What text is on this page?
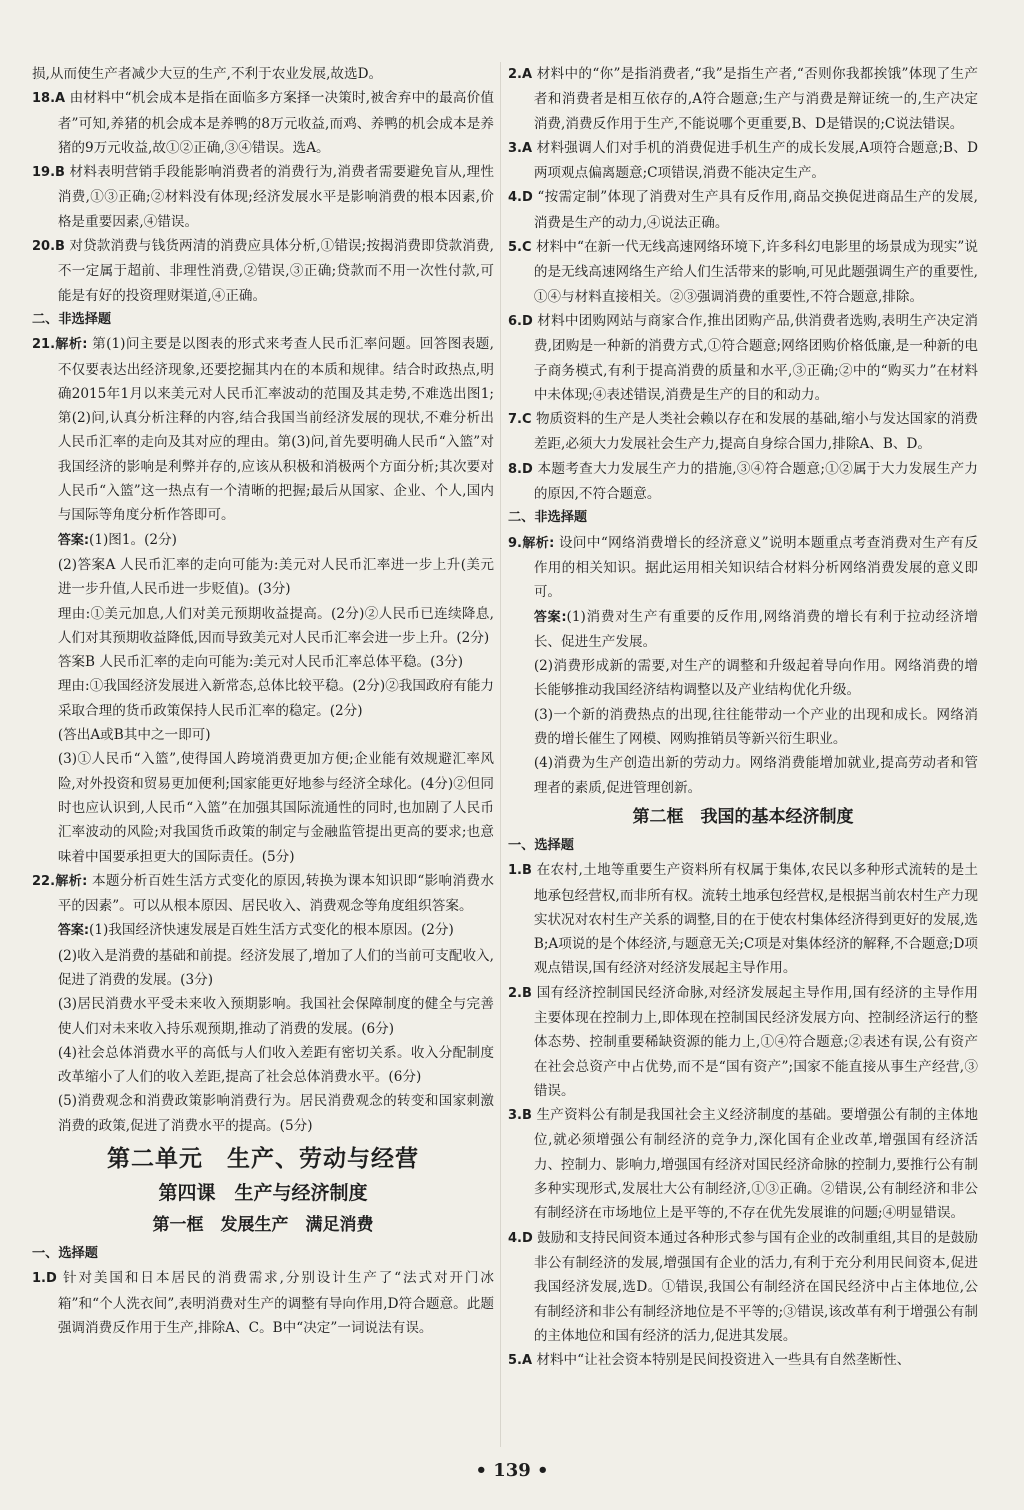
损,从而使生产者减少大豆的生产,不利于农业发展,故选D。

18.A 由材料中“机会成本是指在面临多方案择一决策时,被舍弃中的最高价值者”可知,养猪的机会成本是养鸭的8万元收益,而鸡、养鸭的机会成本是养猪的9万元收益,故①②正确,③④错误。选A。

19.B 材料表明营销手段能影响消费者的消费行为,消费者需要避免盲从,理性消费,①③正确;②材料没有体现;经济发展水平是影响消费的根本因素,价格是重要因素,④错误。

20.B 对贷款消费与钱货两清的消费应具体分析,①错误;按揭消费即贷款消费,不一定属于超前、非理性消费,②错误,③正确;贷款而不用一次性付款,可能是有好的投资理财渠道,④正确。

二、非选择题

21.解析: 第(1)问主要是以图表的形式来考查人民币汇率问题。回答图表题,不仅要表达出经济现象,还要挖掘其内在的本质和规律。结合时政热点,明确2015年1月以来美元对人民币汇率波动的范围及其走势,不难选出图1;第(2)问,认真分析注释的内容,结合我国当前经济发展的现状,不难分析出人民币汇率的走向及其对应的理由。第(3)问,首先要明确人民币“入篮”对我国经济的影响是利弊并存的,应该从积极和消极两个方面分析;其次要对人民币“入篮”这一热点有一个清晰的把握;最后从国家、企业、个人,国内与国际等角度分析作答即可。

答案:(1)图1。(2分)

(2)答案A 人民币汇率的走向可能为:美元对人民币汇率进一步上升(美元进一步升值,人民币进一步贬值)。(3分)

理由:①美元加息,人们对美元预期收益提高。(2分)②人民币已连续降息,人们对其预期收益降低,因而导致美元对人民币汇率会进一步上升。(2分)

答案B 人民币汇率的走向可能为:美元对人民币汇率总体平稳。(3分)

理由:①我国经济发展进入新常态,总体比较平稳。(2分)②我国政府有能力采取合理的货币政策保持人民币汇率的稳定。(2分)

(答出A或B其中之一即可)

(3)①人民币“入篮”,使得国人跨境消费更加方便;企业能有效规避汇率风险,对外投资和贸易更加便利;国家能更好地参与经济全球化。(4分)②但同时也应认识到,人民币“入篮”在加强其国际流通性的同时,也加剧了人民币汇率波动的风险;对我国货币政策的制定与金融监管提出更高的要求;也意味着中国要承担更大的国际责任。(5分)

22.解析: 本题分析百姓生活方式变化的原因,转换为课本知识即“影响消费水平的因素”。可以从根本原因、居民收入、消费观念等角度组织答案。

答案:(1)我国经济快速发展是百姓生活方式变化的根本原因。(2分)

(2)收入是消费的基础和前提。经济发展了,增加了人们的当前可支配收入,促进了消费的发展。(3分)

(3)居民消费水平受未来收入预期影响。我国社会保障制度的健全与完善使人们对未来收入持乐观预期,推动了消费的发展。(6分)

(4)社会总体消费水平的高低与人们收入差距有密切关系。收入分配制度改革缩小了人们的收入差距,提高了社会总体消费水平。(6分)

(5)消费观念和消费政策影响消费行为。居民消费观念的转变和国家刺激消费的政策,促进了消费水平的提高。(5分)

第二单元　生产、劳动与经营
第四课　生产与经济制度
第一框　发展生产　满足消费
一、选择题

1.D 针对美国和日本居民的消费需求,分别设计生产了“法式对开门冰箱”和“个人洗衣间”,表明消费对生产的调整有导向作用,D符合题意。此题强调消费反作用于生产,排除A、C。B中“决定”一词说法有误。

2.A 材料中的“你”是指消费者,“我”是指生产者,“否则你我都挨饿”体现了生产者和消费者是相互依存的,A符合题意;生产与消费是辩证统一的,生产决定消费,消费反作用于生产,不能说哪个更重要,B、D是错误的;C说法错误。

3.A 材料强调人们对手机的消费促进手机生产的成长发展,A项符合题意;B、D两项观点偏离题意;C项错误,消费不能决定生产。

4.D “按需定制”体现了消费对生产具有反作用,商品交换促进商品生产的发展,消费是生产的动力,④说法正确。

5.C 材料中“在新一代无线高速网络环境下,许多科幻电影里的场景成为现实”说的是无线高速网络生产给人们生活带来的影响,可见此题强调生产的重要性,①④与材料直接相关。②③强调消费的重要性,不符合题意,排除。

6.D 材料中团购网站与商家合作,推出团购产品,供消费者选购,表明生产决定消费,团购是一种新的消费方式,①符合题意;网络团购价格低廉,是一种新的电子商务模式,有利于提高消费的质量和水平,③正确;②中的“购买力”在材料中未体现;④表述错误,消费是生产的目的和动力。

7.C 物质资料的生产是人类社会赖以存在和发展的基础,缩小与发达国家的消费差距,必须大力发展社会生产力,提高自身综合国力,排除A、B、D。

8.D 本题考查大力发展生产力的措施,③④符合题意;①②属于大力发展生产力的原因,不符合题意。

二、非选择题

9.解析: 设问中“网络消费增长的经济意义”说明本题重点考查消费对生产有反作用的相关知识。据此运用相关知识结合材料分析网络消费发展的意义即可。

答案:(1)消费对生产有重要的反作用,网络消费的增长有利于拉动经济增长、促进生产发展。

(2)消费形成新的需要,对生产的调整和升级起着导向作用。网络消费的增长能够推动我国经济结构调整以及产业结构优化升级。

(3)一个新的消费热点的出现,往往能带动一个产业的出现和成长。网络消费的增长催生了网模、网购推销员等新兴衍生职业。

(4)消费为生产创造出新的劳动力。网络消费能增加就业,提高劳动者和管理者的素质,促进管理创新。

第二框　我国的基本经济制度
一、选择题

1.B 在农村,土地等重要生产资料所有权属于集体,农民以多种形式流转的是土地承包经营权,而非所有权。流转土地承包经营权,是根据当前农村生产力现实状况对农村生产关系的调整,目的在于使农村集体经济得到更好的发展,选B;A项说的是个体经济,与题意无关;C项是对集体经济的解释,不合题意;D项观点错误,国有经济对经济发展起主导作用。

2.B 国有经济控制国民经济命脉,对经济发展起主导作用,国有经济的主导作用主要体现在控制力上,即体现在控制国民经济发展方向、控制经济运行的整体态势、控制重要稀缺资源的能力上,①④符合题意;②表述有误,公有资产在社会总资产中占优势,而不是“国有资产”;国家不能直接从事生产经营,③错误。

3.B 生产资料公有制是我国社会主义经济制度的基础。要增强公有制的主体地位,就必须增强公有制经济的竞争力,深化国有企业改革,增强国有经济活力、控制力、影响力,增强国有经济对国民经济命脉的控制力,要推行公有制多种实现形式,发展壮大公有制经济,①③正确。②错误,公有制经济和非公有制经济在市场地位上是平等的,不存在优先发展谁的问题;④明显错误。

4.D 鼓励和支持民间资本通过各种形式参与国有企业的改制重组,其目的是鼓励非公有制经济的发展,增强国有企业的活力,有利于充分利用民间资本,促进我国经济发展,选D。①错误,我国公有制经济在国民经济中占主体地位,公有制经济和非公有制经济地位是不平等的;③错误,该改革有利于增强公有制的主体地位和国有经济的活力,促进其发展。

5.A 材料中“让社会资本特别是民间投资进入一些具有自然垄断性、

• 139 •
